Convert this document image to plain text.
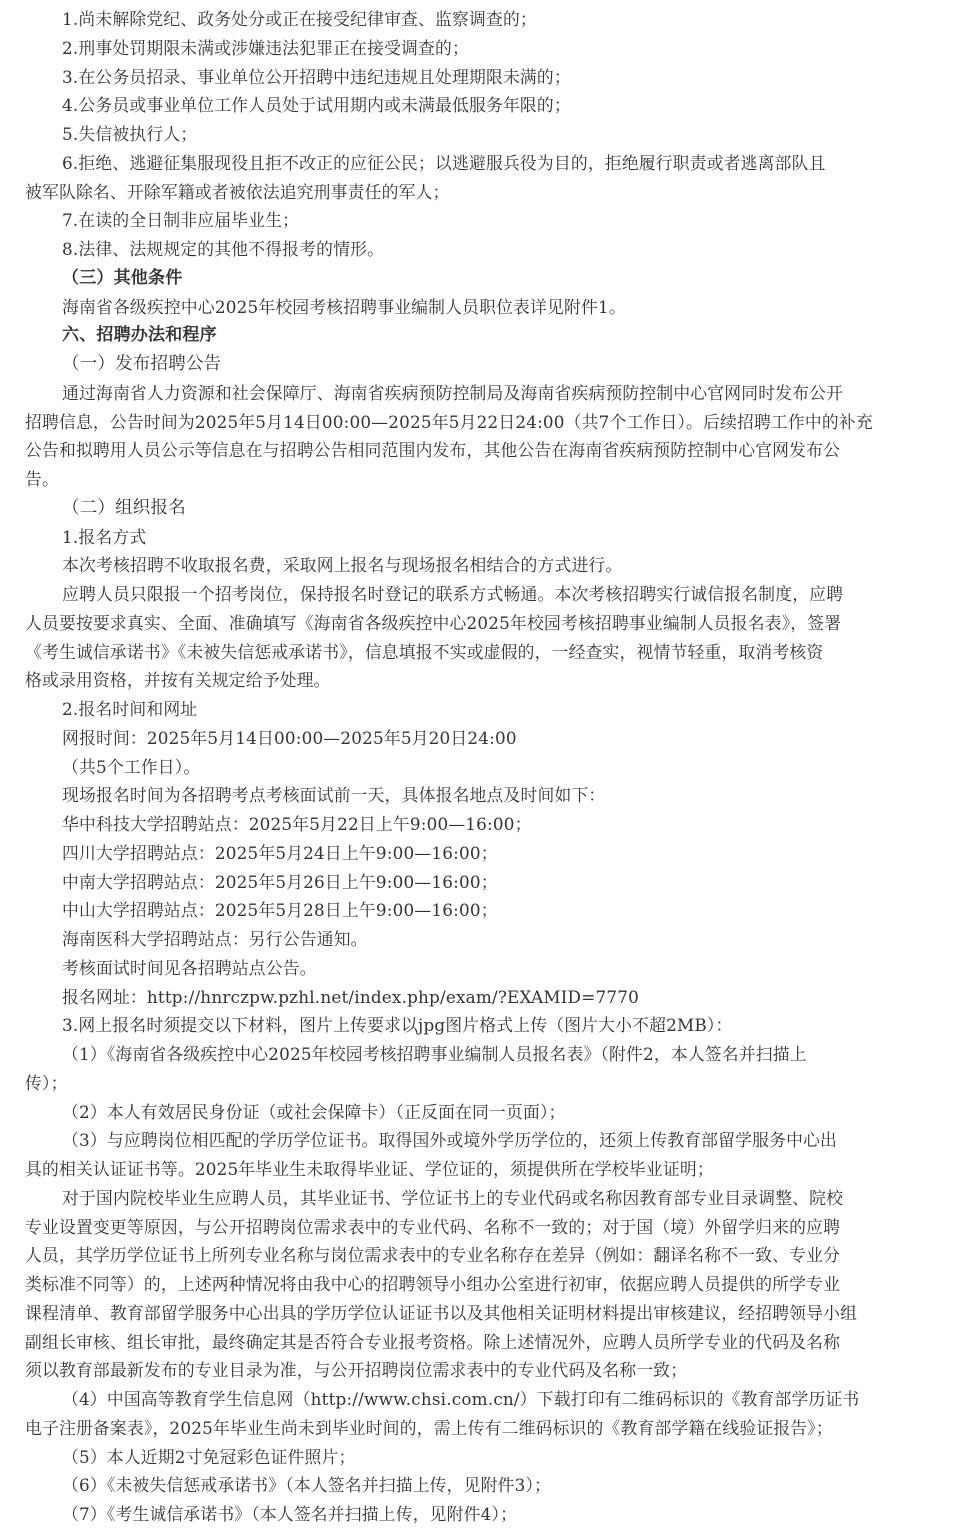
1.尚未解除党纪、政务处分或正在接受纪律审查、监察调查的；
2.刑事处罚期限未满或涉嫌违法犯罪正在接受调查的；
3.在公务员招录、事业单位公开招聘中违纪违规且处理期限未满的；
4.公务员或事业单位工作人员处于试用期内或未满最低服务年限的；
5.失信被执行人；
6.拒绝、逃避征集服现役且拒不改正的应征公民；以逃避服兵役为目的，拒绝履行职责或者逃离部队且
被军队除名、开除军籍或者被依法追究刑事责任的军人；
7.在读的全日制非应届毕业生；
8.法律、法规规定的其他不得报考的情形。
（三）其他条件
海南省各级疾控中心2025年校园考核招聘事业编制人员职位表详见附件1。
六、招聘办法和程序
（一）发布招聘公告
通过海南省人力资源和社会保障厅、海南省疾病预防控制局及海南省疾病预防控制中心官网同时发布公开
招聘信息，公告时间为2025年5月14日00:00—2025年5月22日24:00（共7个工作日）。后续招聘工作中的补充
公告和拟聘用人员公示等信息在与招聘公告相同范围内发布，其他公告在海南省疾病预防控制中心官网发布公
告。
（二）组织报名
1.报名方式
本次考核招聘不收取报名费，采取网上报名与现场报名相结合的方式进行。
应聘人员只限报一个招考岗位，保持报名时登记的联系方式畅通。本次考核招聘实行诚信报名制度，应聘
人员要按要求真实、全面、准确填写《海南省各级疾控中心2025年校园考核招聘事业编制人员报名表》，签署
《考生诚信承诺书》《未被失信惩戒承诺书》，信息填报不实或虚假的，一经查实，视情节轻重，取消考核资
格或录用资格，并按有关规定给予处理。
2.报名时间和网址
网报时间：2025年5月14日00:00—2025年5月20日24:00
（共5个工作日）。
现场报名时间为各招聘考点考核面试前一天，具体报名地点及时间如下：
华中科技大学招聘站点：2025年5月22日上午9:00—16:00；
四川大学招聘站点：2025年5月24日上午9:00—16:00；
中南大学招聘站点：2025年5月26日上午9:00—16:00；
中山大学招聘站点：2025年5月28日上午9:00—16:00；
海南医科大学招聘站点：另行公告通知。
考核面试时间见各招聘站点公告。
报名网址：http://hnrczpw.pzhl.net/index.php/exam/?EXAMID=7770
3.网上报名时须提交以下材料，图片上传要求以jpg图片格式上传（图片大小不超2MB）：
（1）《海南省各级疾控中心2025年校园考核招聘事业编制人员报名表》（附件2，本人签名并扫描上
传）；
（2）本人有效居民身份证（或社会保障卡）（正反面在同一页面）；
（3）与应聘岗位相匹配的学历学位证书。取得国外或境外学历学位的，还须上传教育部留学服务中心出
具的相关认证证书等。2025年毕业生未取得毕业证、学位证的，须提供所在学校毕业证明；
对于国内院校毕业生应聘人员，其毕业证书、学位证书上的专业代码或名称因教育部专业目录调整、院校
专业设置变更等原因，与公开招聘岗位需求表中的专业代码、名称不一致的；对于国（境）外留学归来的应聘
人员，其学历学位证书上所列专业名称与岗位需求表中的专业名称存在差异（例如：翻译名称不一致、专业分
类标准不同等）的，上述两种情况将由我中心的招聘领导小组办公室进行初审，依据应聘人员提供的所学专业
课程清单、教育部留学服务中心出具的学历学位认证证书以及其他相关证明材料提出审核建议，经招聘领导小组
副组长审核、组长审批，最终确定其是否符合专业报考资格。除上述情况外，应聘人员所学专业的代码及名称
须以教育部最新发布的专业目录为准，与公开招聘岗位需求表中的专业代码及名称一致；
（4）中国高等教育学生信息网（http://www.chsi.com.cn/）下载打印有二维码标识的《教育部学历证书
电子注册备案表》，2025年毕业生尚未到毕业时间的，需上传有二维码标识的《教育部学籍在线验证报告》；
（5）本人近期2寸免冠彩色证件照片；
（6）《未被失信惩戒承诺书》（本人签名并扫描上传，见附件3）；
（7）《考生诚信承诺书》（本人签名并扫描上传，见附件4）；
